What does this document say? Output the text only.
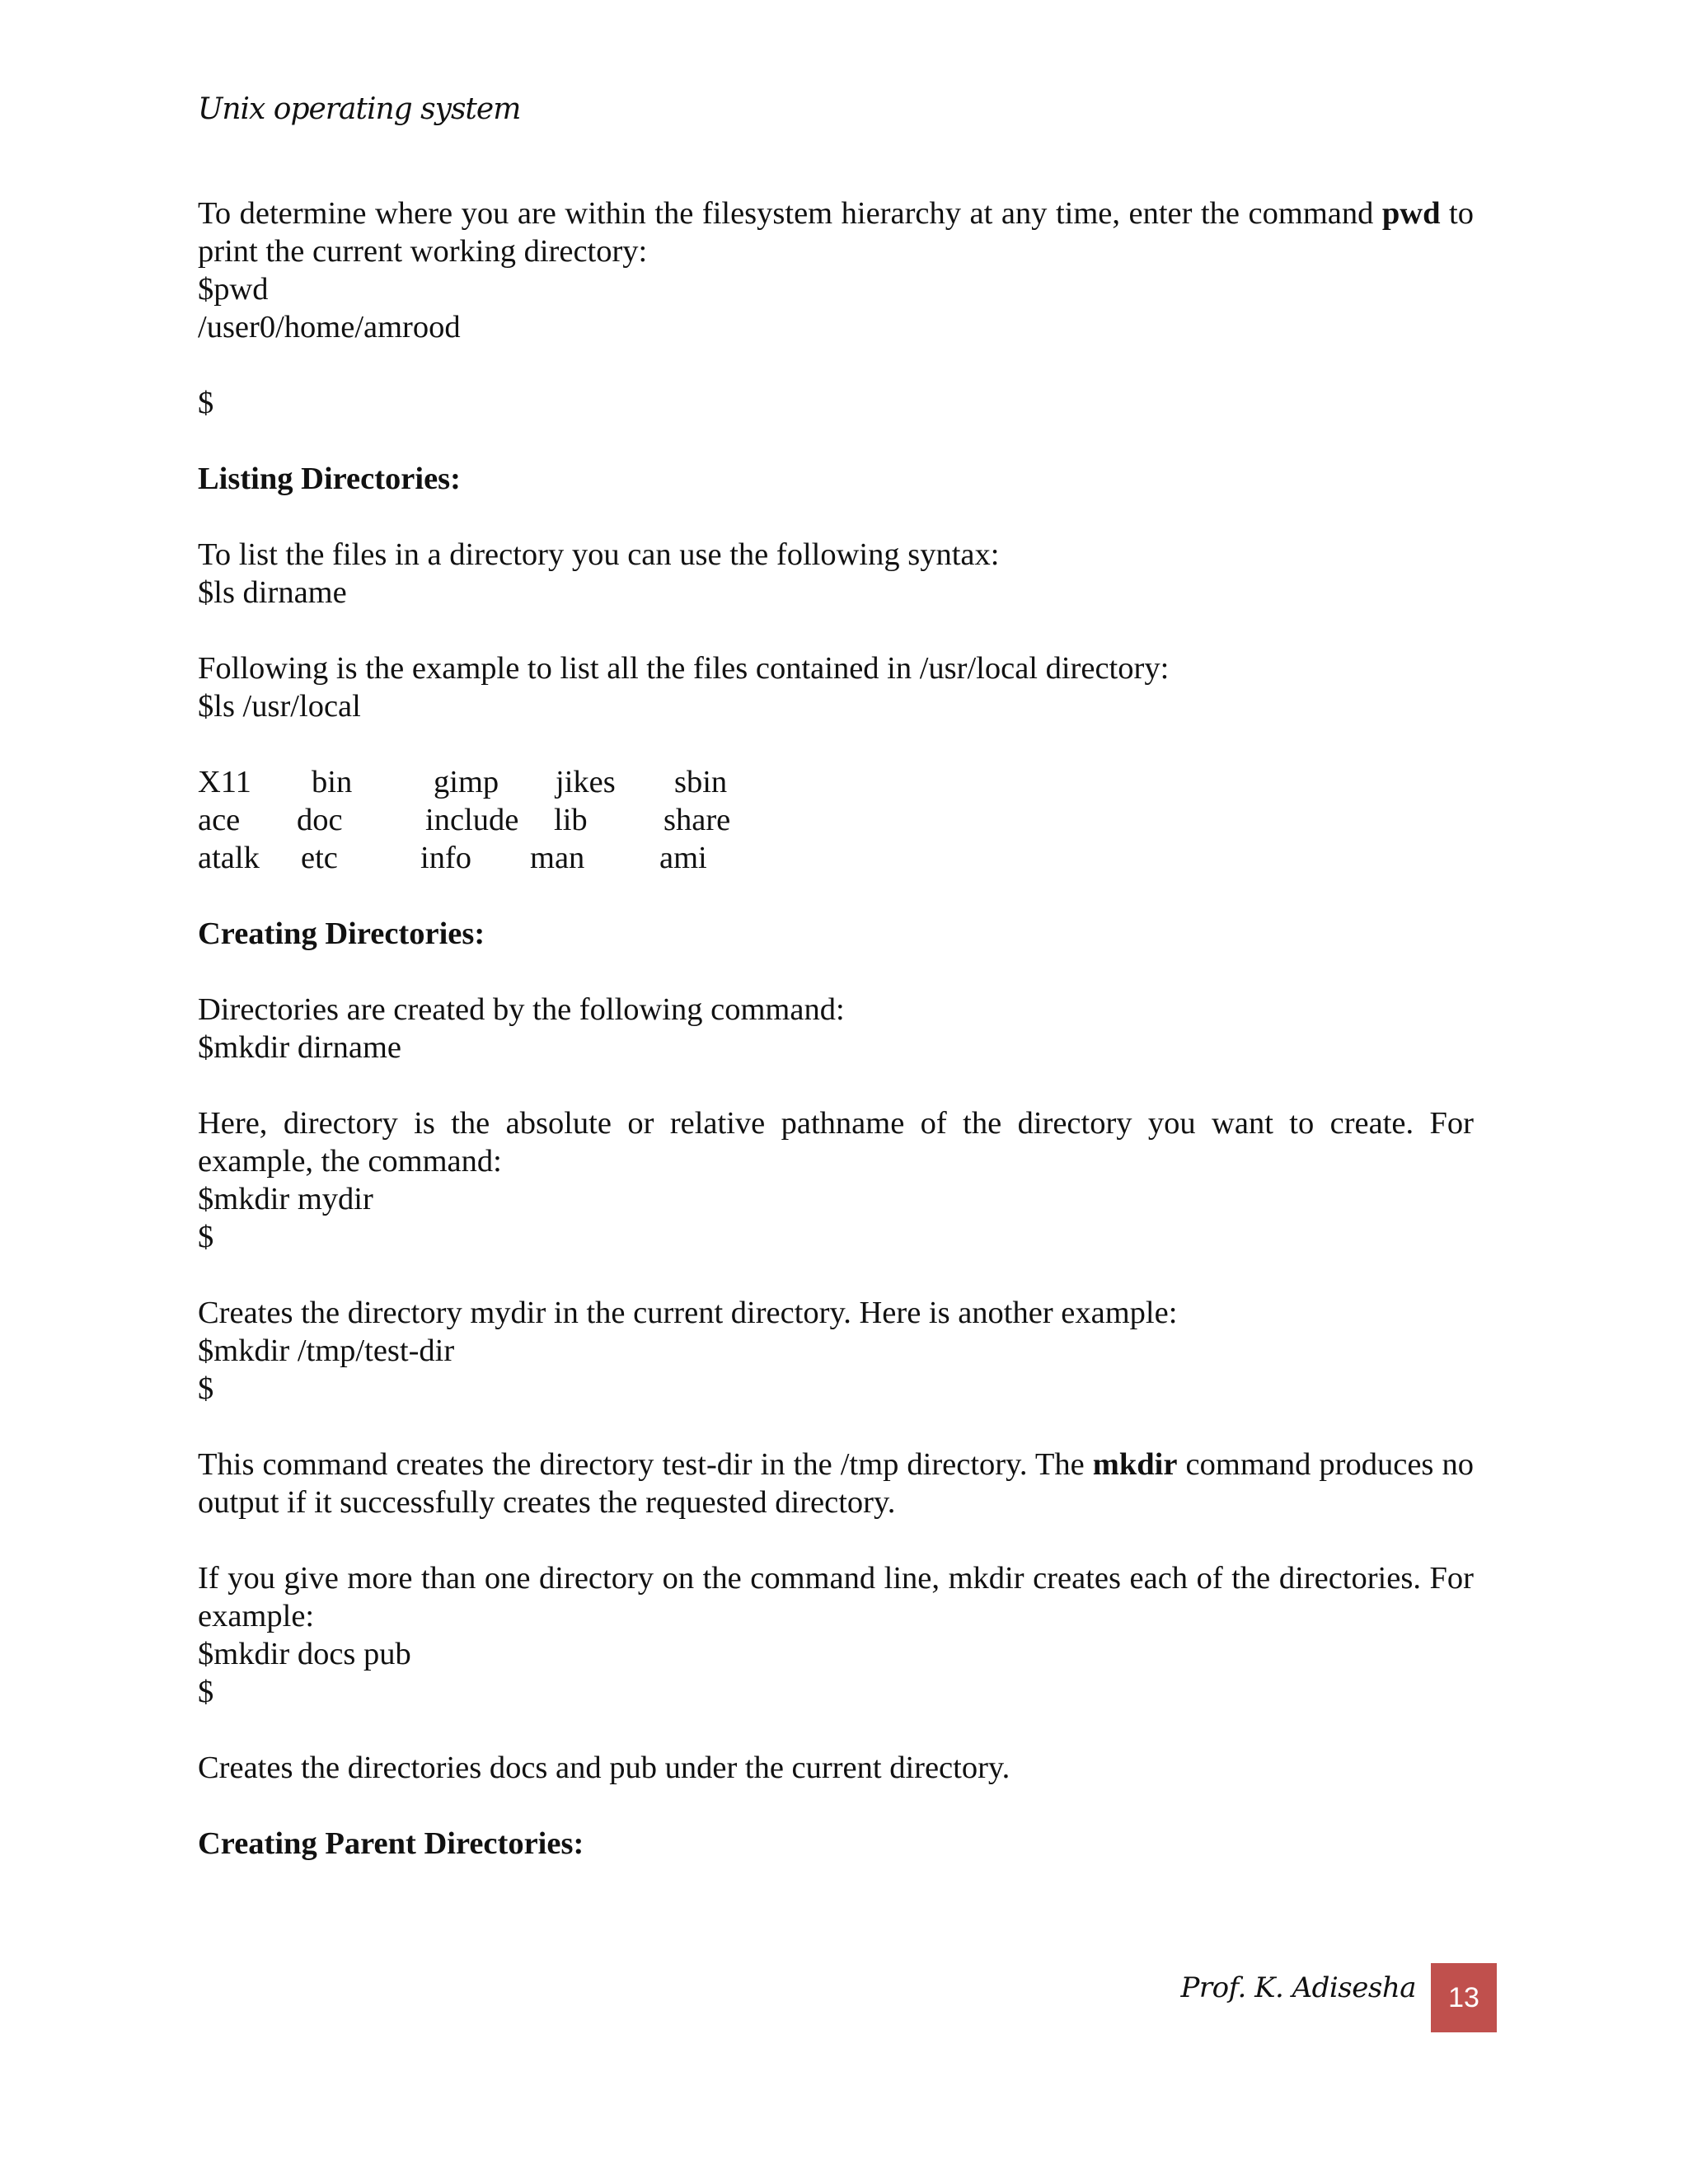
Unix operating system

To determine where you are within the filesystem hierarchy at any time, enter the command pwd to print the current working directory:

$pwd

/user0/home/amrood

$

Listing Directories:

To list the files in a directory you can use the following syntax:

$ls dirname

Following is the example to list all the files contained in /usr/local directory:

$ls /usr/local

X11 bin	gimp jikes sbin
ace doc	include lib share
atalk etc	info man ami
Creating Directories:

Directories are created by the following command:

$mkdir dirname

Here, directory is the absolute or relative pathname of the directory you want to create. For example, the command:

$mkdir mydir

$

Creates the directory mydir in the current directory. Here is another example:

$mkdir /tmp/test-dir

$

This command creates the directory test-dir in the /tmp directory. The mkdir command produces no output if it successfully creates the requested directory.

If you give more than one directory on the command line, mkdir creates each of the directories. For example:

$mkdir docs pub

$

Creates the directories docs and pub under the current directory.

Creating Parent Directories:
Prof. K. Adisesha	13
